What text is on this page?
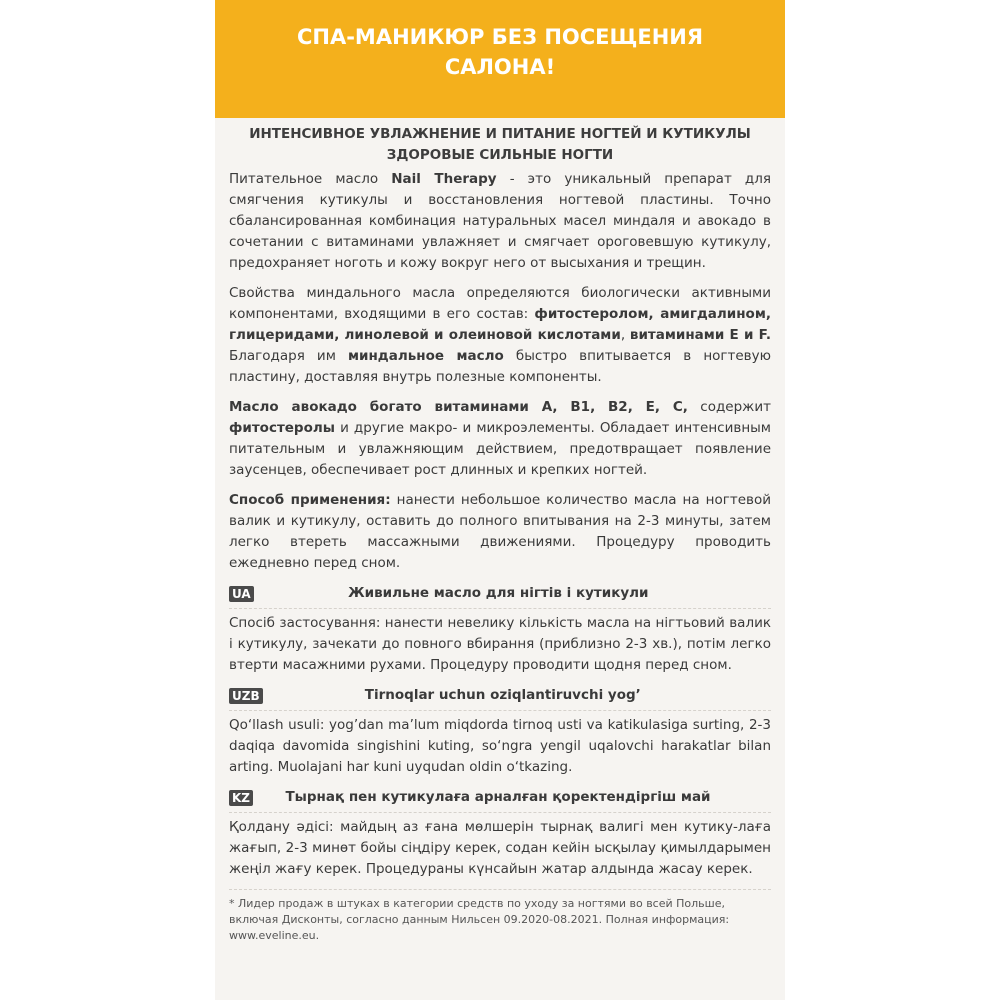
СПА-МАНИКЮР БЕЗ ПОСЕЩЕНИЯ
САЛОНА!
ИНТЕНСИВНОЕ УВЛАЖНЕНИЕ И ПИТАНИЕ НОГТЕЙ И КУТИКУЛЫ
ЗДОРОВЫЕ СИЛЬНЫЕ НОГТИ

Питательное масло Nail Therapy - это уникальный препарат для смягчения кутикулы и восстановления ногтевой пластины. Точно сбалансированная комбинация натуральных масел миндаля и авокадо в сочетании с витаминами увлажняет и смягчает ороговевшую кутикулу, предохраняет ноготь и кожу вокруг него от высыхания и трещин.

Свойства миндального масла определяются биологически активными компонентами, входящими в его состав: фитостеролом, амигдалином, глицеридами, линолевой и олеиновой кислотами, витаминами E и F. Благодаря им миндальное масло быстро впитывается в ногтевую пластину, доставляя внутрь полезные компоненты.

Масло авокадо богато витаминами A, B1, B2, E, C, содержит фитостеролы и другие макро- и микроэлементы. Обладает интенсивным питательным и увлажняющим действием, предотвращает появление заусенцев, обеспечивает рост длинных и крепких ногтей.

Способ применения: нанести небольшое количество масла на ногтевой валик и кутикулу, оставить до полного впитывания на 2-3 минуты, затем легко втереть массажными движениями. Процедуру проводить ежедневно перед сном.

UA	Живильне масло для нігтів і кутикули

Спосіб застосування: нанести невелику кількість масла на нігтьовий валик і кутикулу, зачекати до повного вбирання (приблизно 2-3 хв.), потім легко втерти масажними рухами. Процедуру проводити щодня перед сном.

UZB	Tirnoqlar uchun oziqlantiruvchi yog’

Qo‘llash usuli: yog’dan ma’lum miqdorda tirnoq usti va katikulasiga surting, 2-3 daqiqa davomida singishini kuting, so‘ngra yengil uqalovchi harakatlar bilan arting. Muolajani har kuni uyqudan oldin o‘tkazing.

KZ	Тырнақ пен кутикулаға арналған қоректендіргіш май

Қолдану әдісі: майдың аз ғана мөлшерін тырнақ валигі мен кутику-лаға жағып, 2-3 минөт бойы сіңдіру керек, содан кейін ысқылау қимылдарымен жеңіл жағу керек. Процедураны күнсайын жатар алдында жасау керек.

* Лидер продаж в штуках в категории средств по уходу за ногтями во всей Польше, включая Дисконты, согласно данным Нильсен 09.2020-08.2021. Полная информация: www.eveline.eu.
